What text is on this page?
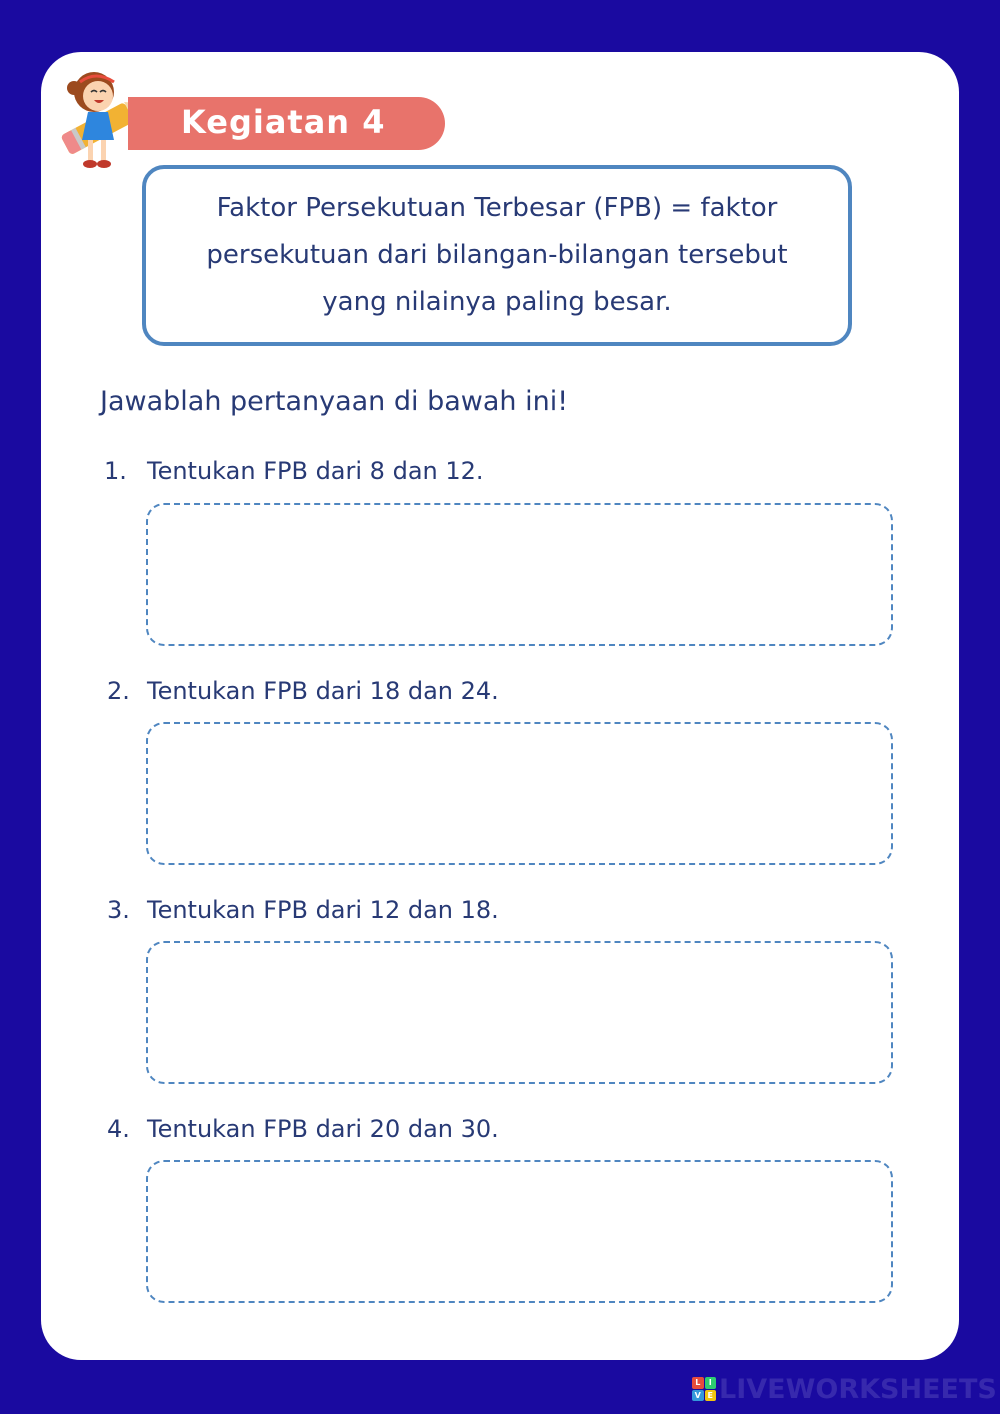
Kegiatan 4
Faktor Persekutuan Terbesar (FPB) = faktor
persekutuan dari bilangan-bilangan tersebut
yang nilainya paling besar.
Jawablah pertanyaan di bawah ini!
1. Tentukan FPB dari 8 dan 12.
2. Tentukan FPB dari 18 dan 24.
3. Tentukan FPB dari 12 dan 18.
4. Tentukan FPB dari 20 dan 30.
L	I
V E LIVEWORKSHEETS
